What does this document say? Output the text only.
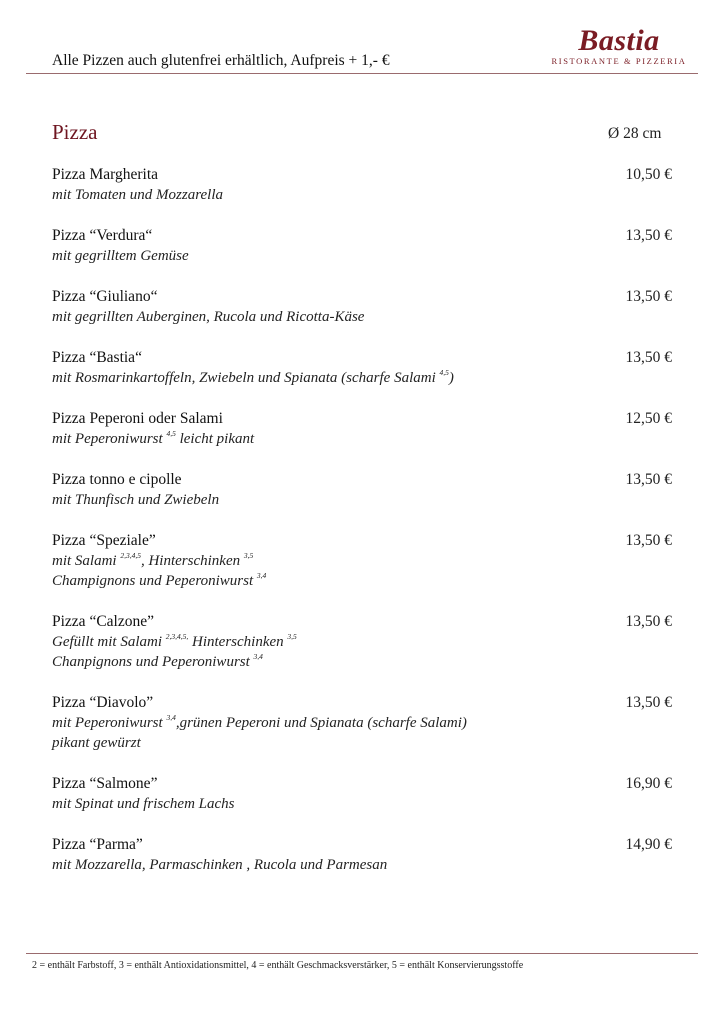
Alle Pizzen auch glutenfrei erhältlich, Aufpreis + 1,- €
Bastia
RISTORANTE & PIZZERIA
Pizza	Ø 28 cm
Pizza Margherita	10,50 €
mit Tomaten und Mozzarella
Pizza “Verdura“	13,50 €
mit gegrilltem Gemüse
Pizza “Giuliano“	13,50 €
mit gegrillten Auberginen, Rucola und Ricotta-Käse
Pizza “Bastia“	13,50 €
mit Rosmarinkartoffeln, Zwiebeln und Spianata (scharfe Salami $^{4,5}$)
Pizza Peperoni oder Salami	12,50 €
mit Peperoniwurst $^{4,5}$ leicht pikant
Pizza tonno e cipolle	13,50 €
mit Thunfisch und Zwiebeln
Pizza “Speziale”	13,50 €
mit Salami $^{2,3,4,5}$, Hinterschinken $^{3,5}$
Champignons und Peperoniwurst $^{3,4}$
Pizza “Calzone”	13,50 €
Gefüllt mit Salami $^{2,3,4,5,}$ Hinterschinken $^{3,5}$
Chanpignons und Peperoniwurst $^{3,4}$
Pizza “Diavolo”	13,50 €
mit Peperoniwurst $^{3,4}$,grünen Peperoni und Spianata (scharfe Salami)
pikant gewürzt
Pizza “Salmone”	16,90 €
mit Spinat und frischem Lachs
Pizza “Parma”	14,90 €
mit Mozzarella, Parmaschinken , Rucola und Parmesan
2 = enthält Farbstoff, 3 = enthält Antioxidationsmittel, 4 = enthält Geschmacksverstärker, 5 = enthält Konservierungsstoffe
